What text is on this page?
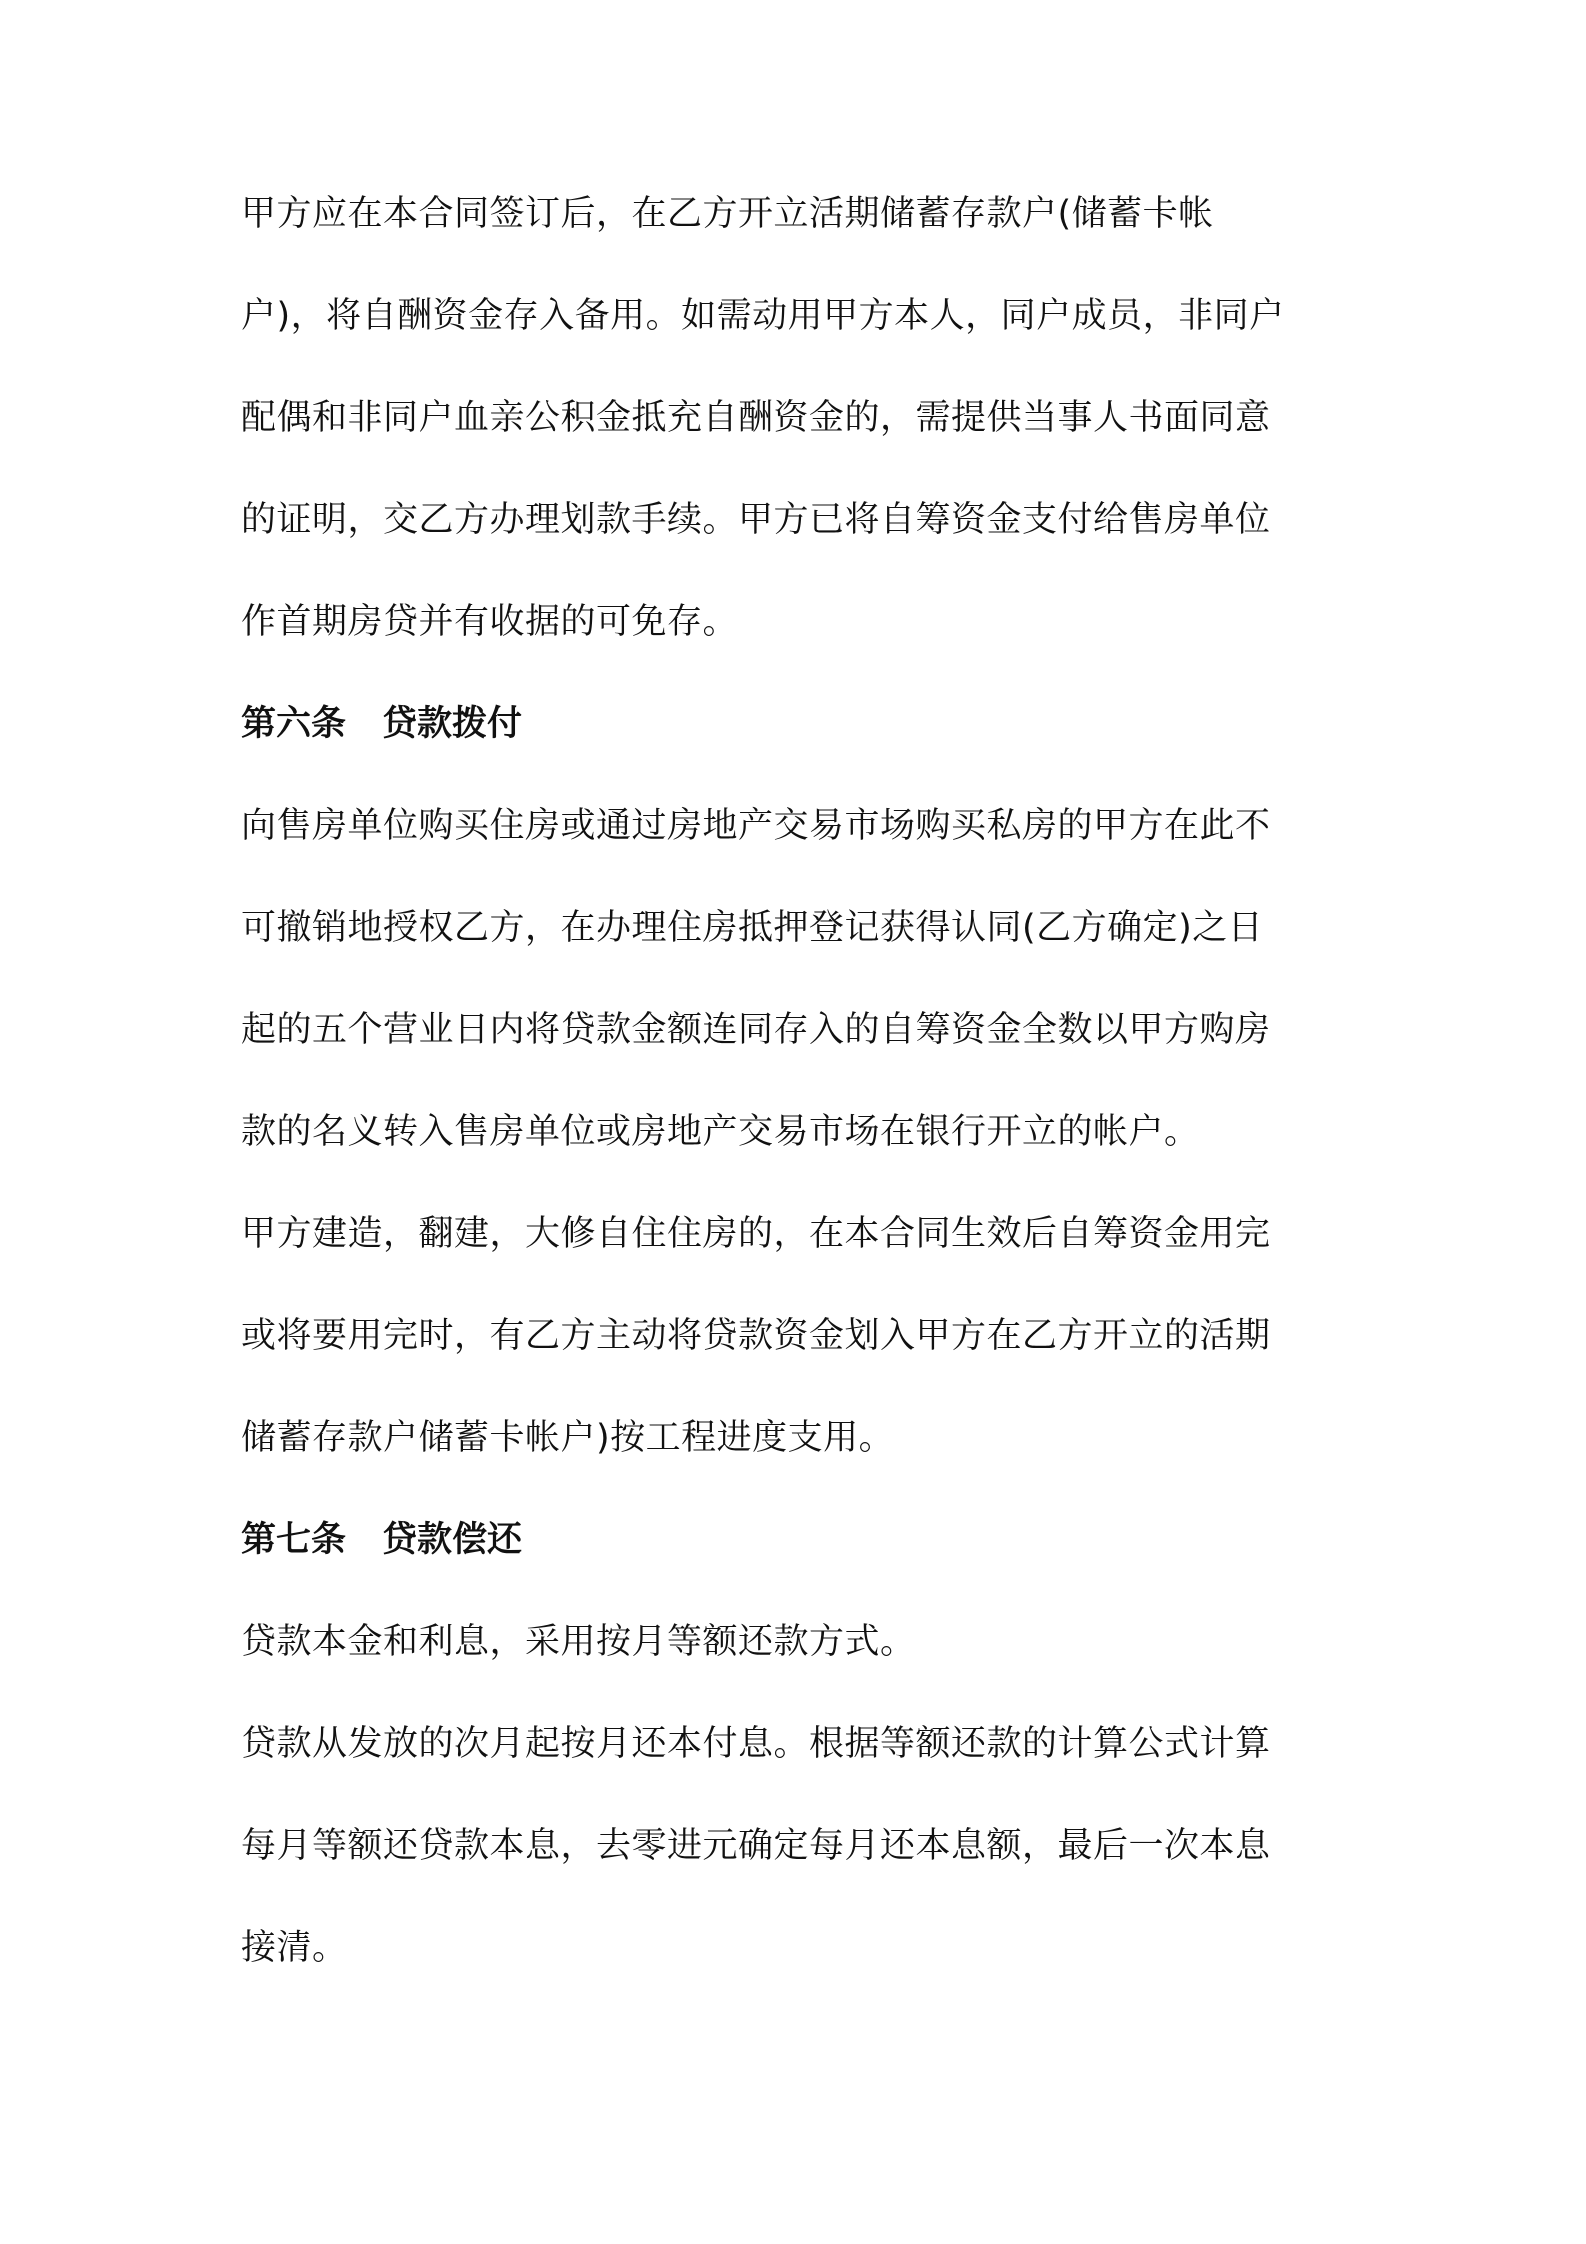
甲方应在本合同签订后，在乙方开立活期储蓄存款户(储蓄卡帐
户)，将自酬资金存入备用。如需动用甲方本人，同户成员，非同户
配偶和非同户血亲公积金抵充自酬资金的，需提供当事人书面同意
的证明，交乙方办理划款手续。甲方已将自筹资金支付给售房单位
作首期房贷并有收据的可免存。
第六条 贷款拨付
向售房单位购买住房或通过房地产交易市场购买私房的甲方在此不
可撤销地授权乙方，在办理住房抵押登记获得认同(乙方确定)之日
起的五个营业日内将贷款金额连同存入的自筹资金全数以甲方购房
款的名义转入售房单位或房地产交易市场在银行开立的帐户。
甲方建造，翻建，大修自住住房的，在本合同生效后自筹资金用完
或将要用完时，有乙方主动将贷款资金划入甲方在乙方开立的活期
储蓄存款户储蓄卡帐户)按工程进度支用。
第七条 贷款偿还
贷款本金和利息，采用按月等额还款方式。
贷款从发放的次月起按月还本付息。根据等额还款的计算公式计算
每月等额还贷款本息，去零进元确定每月还本息额，最后一次本息
接清。
